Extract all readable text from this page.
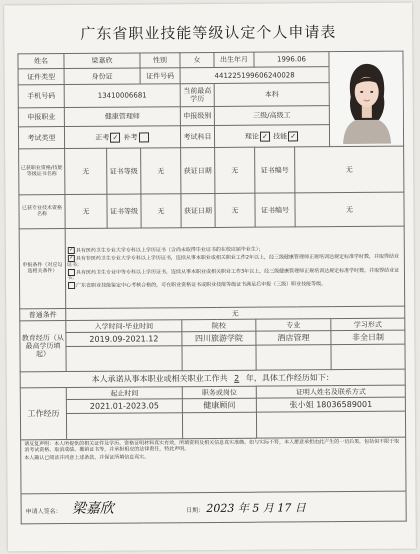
广东省职业技能等级认定个人申请表
姓名	梁嘉欣		性别	女	出生年月	1996.06	
证件类型	身份证		证件号码	441225199606240028				
手机号码	13410006681			当前最高学历	本科			
申报职业	健康管理师			申报级别	三级/高级工			
考试类型	正考 ✓ 补考			考试科目	理论 ✓ 技能 ✓			
已获职业资格/技能等级证书名称	无	证书等级	无	获证日期	无	证书编号	无	
已获专业技术资格名称	无	证书等级	无	获证日期	无	证书编号	无	
申报条件（对应勾选相关条件）	✓ 具有医药卫生专业大学专科以上学历证书（含尚未取得毕业证书的在校应届毕业生）；
✓ 具有非医药卫生专业大学专科以上学历证书，连续从事本职业或相关职业工作2年以上，经三级健康管理师正规培训达规定标准学时数，并取得结业证书；
具有医药卫生专业中等专科以上学历证书，连续从事本职业或相关职业工作3年以上，经三级健康管理师正规培训达规定标准学时数，并取得结业证书；
广东省职业技能鉴定中心考核合格的，可在职业资格证书或职业技能等级证书满足后申报（三级）职业技能等级。							

普通条件	无							
教育经历（从最高学历填起）	入学时间-毕业时间			院校		专业		学习形式
	2019.09-2021.12			四川旅游学院		酒店管理		非全日制

本人承诺从事本职业或相关职业工作共 2 年，具体工作经历如下：								
工作经历	起止时间			职务或岗位		证明人姓名及联系方式		
	2021.01-2023.05			健康顾问		张小姐 18036589001		

请反复声明：本人所提供的相关证件及学历、资格证明材料真实有效，所填资料及相关信息真实准确。如与实际不符，本人愿意承担由此产生的一切后果，包括但不限于取消考试资格、取消成绩、撤销证书等，并承担相应的法律责任，特此声明。
本人确认已阅读并同意上述条款，并保证所填信息真实。								

申请人签名： 梁嘉欣 日期： 2023 年 5 月 17 日								
